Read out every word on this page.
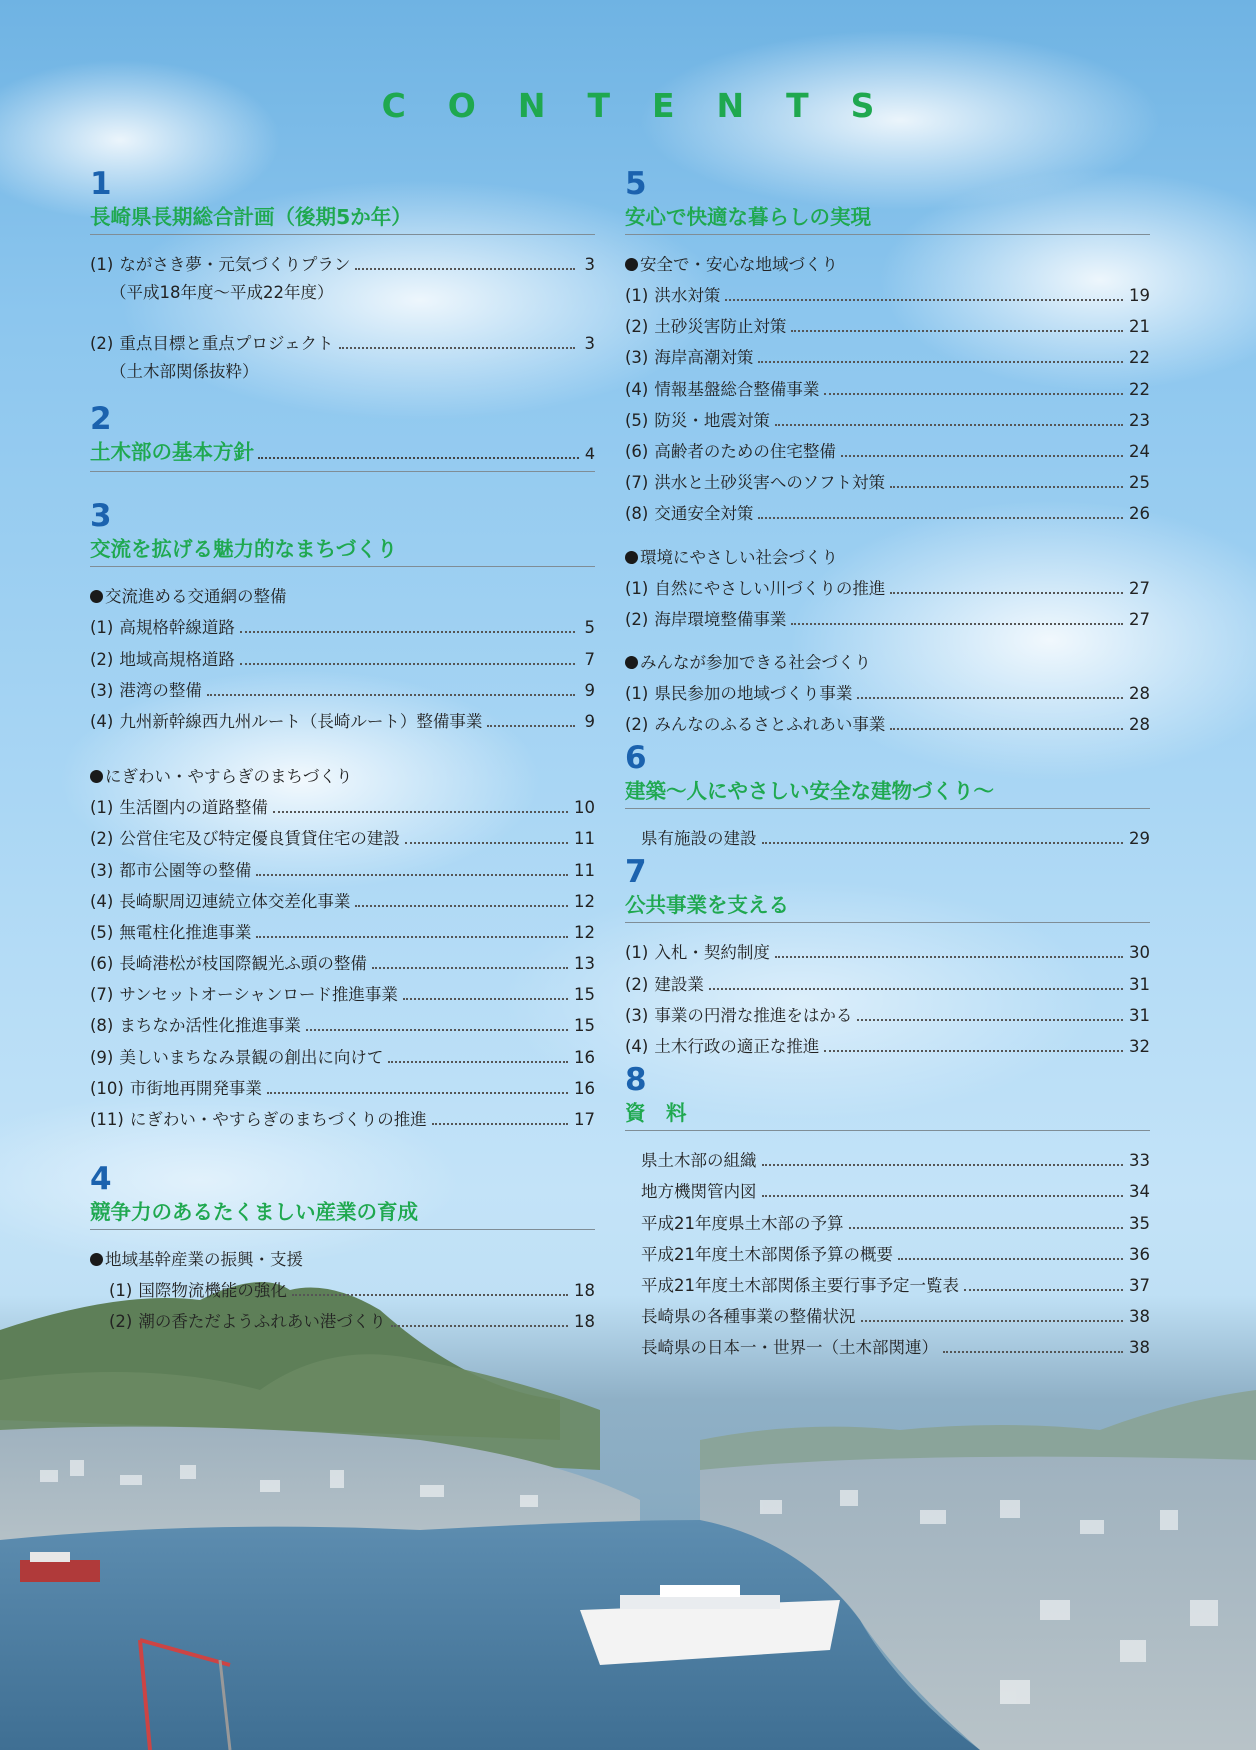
CONTENTS
1
長崎県長期総合計画（後期5か年）
(1) ながさき夢・元気づくりプラン	3
（平成18年度〜平成22年度）
(2) 重点目標と重点プロジェクト	3
（土木部関係抜粋）
2
土木部の基本方針	4
3
交流を拡げる魅力的なまちづくり
交流進める交通網の整備
(1) 高規格幹線道路	5
(2) 地域高規格道路	7
(3) 港湾の整備	9
(4) 九州新幹線西九州ルート（長崎ルート）整備事業	9
にぎわい・やすらぎのまちづくり
(1) 生活圏内の道路整備	10
(2) 公営住宅及び特定優良賃貸住宅の建設	11
(3) 都市公園等の整備	11
(4) 長崎駅周辺連続立体交差化事業	12
(5) 無電柱化推進事業	12
(6) 長崎港松が枝国際観光ふ頭の整備	13
(7) サンセットオーシャンロード推進事業	15
(8) まちなか活性化推進事業	15
(9) 美しいまちなみ景観の創出に向けて	16
(10) 市街地再開発事業	16
(11) にぎわい・やすらぎのまちづくりの推進	17
4
競争力のあるたくましい産業の育成
地域基幹産業の振興・支援
(1) 国際物流機能の強化	18
(2) 潮の香ただようふれあい港づくり	18
5
安心で快適な暮らしの実現
安全で・安心な地域づくり
(1) 洪水対策	19
(2) 土砂災害防止対策	21
(3) 海岸高潮対策	22
(4) 情報基盤総合整備事業	22
(5) 防災・地震対策	23
(6) 高齢者のための住宅整備	24
(7) 洪水と土砂災害へのソフト対策	25
(8) 交通安全対策	26
環境にやさしい社会づくり
(1) 自然にやさしい川づくりの推進	27
(2) 海岸環境整備事業	27
みんなが参加できる社会づくり
(1) 県民参加の地域づくり事業	28
(2) みんなのふるさとふれあい事業	28
6
建築〜人にやさしい安全な建物づくり〜
県有施設の建設	29
7
公共事業を支える
(1) 入札・契約制度	30
(2) 建設業	31
(3) 事業の円滑な推進をはかる	31
(4) 土木行政の適正な推進	32
8
資　料
県土木部の組織	33
地方機関管内図	34
平成21年度県土木部の予算	35
平成21年度土木部関係予算の概要	36
平成21年度土木部関係主要行事予定一覧表	37
長崎県の各種事業の整備状況	38
長崎県の日本一・世界一（土木部関連）	38
